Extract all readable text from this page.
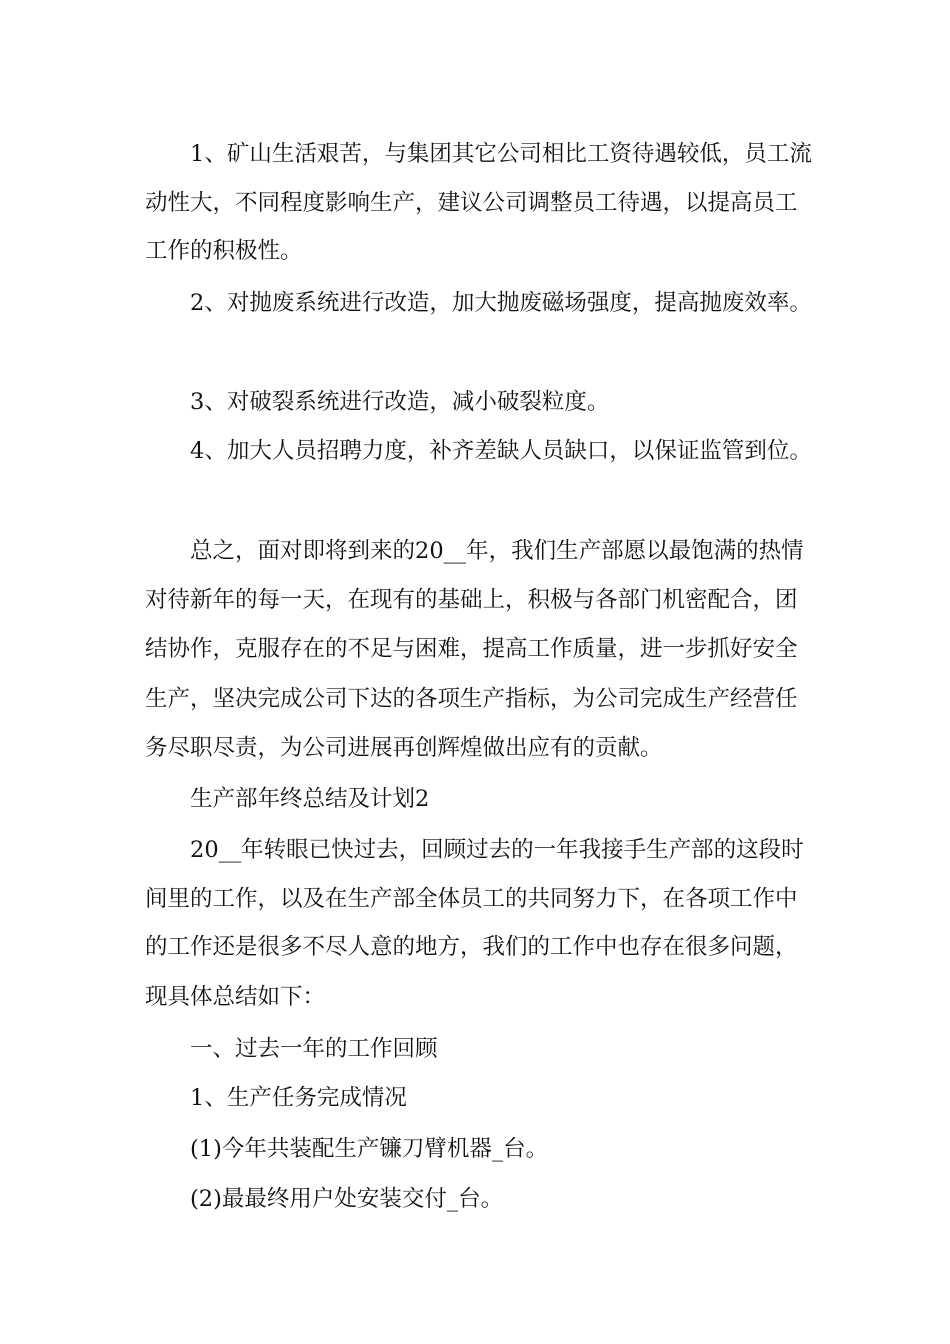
1、矿山生活艰苦，与集团其它公司相比工资待遇较低，员工流

动性大，不同程度影响生产，建议公司调整员工待遇，以提高员工

工作的积极性。

2、对抛废系统进行改造，加大抛废磁场强度，提高抛废效率。

3、对破裂系统进行改造，减小破裂粒度。

4、加大人员招聘力度，补齐差缺人员缺口，以保证监管到位。

总之，面对即将到来的20__年，我们生产部愿以最饱满的热情

对待新年的每一天，在现有的基础上，积极与各部门机密配合，团

结协作，克服存在的不足与困难，提高工作质量，进一步抓好安全

生产，坚决完成公司下达的各项生产指标，为公司完成生产经营任

务尽职尽责，为公司进展再创辉煌做出应有的贡献。

生产部年终总结及计划2

20__年转眼已快过去，回顾过去的一年我接手生产部的这段时

间里的工作，以及在生产部全体员工的共同努力下，在各项工作中

的工作还是很多不尽人意的地方，我们的工作中也存在很多问题，

现具体总结如下：

一、过去一年的工作回顾

1、生产任务完成情况

(1)今年共装配生产镰刀臂机器_台。

(2)最最终用户处安装交付_台。
